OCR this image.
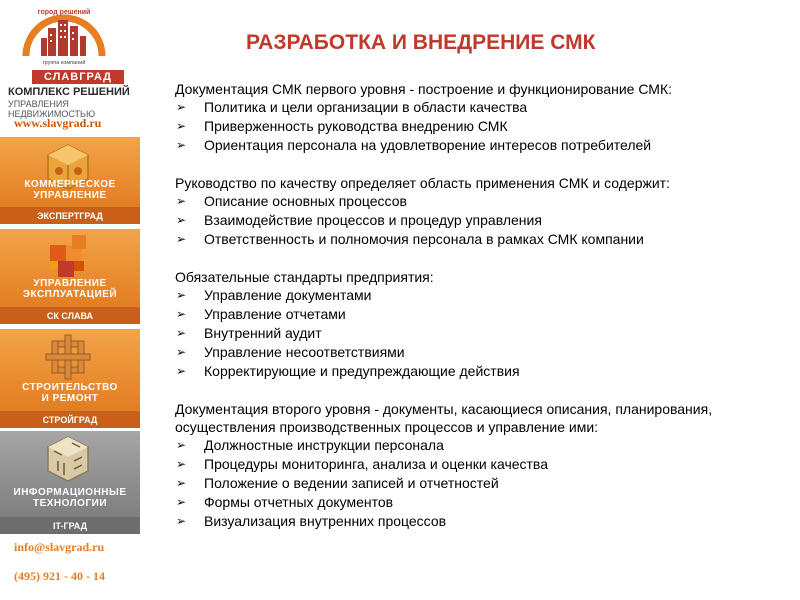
город решений
группа компаний
СЛАВГРАД
КОМПЛЕКС РЕШЕНИЙ
УПРАВЛЕНИЯ НЕДВИЖИМОСТЬЮ
www.slavgrad.ru
КОММЕРЧЕСКОЕ
УПРАВЛЕНИЕ
ЭКСПЕРТГРАД
УПРАВЛЕНИЕ
ЭКСПЛУАТАЦИЕЙ
СК СЛАВА
СТРОИТЕЛЬСТВО
И РЕМОНТ
СТРОЙГРАД
ИНФОРМАЦИОННЫЕ
ТЕХНОЛОГИИ
IT-ГРАД
info@slavgrad.ru
(495) 921 - 40 - 14
РАЗРАБОТКА И ВНЕДРЕНИЕ СМК
Документация СМК первого уровня - построение и функционирование СМК:
➢ Политика и цели организации в области качества
➢ Приверженность руководства внедрению СМК
➢ Ориентация персонала на удовлетворение интересов потребителей
Руководство по качеству определяет область применения СМК и содержит:
➢ Описание основных процессов
➢ Взаимодействие процессов и процедур управления
➢ Ответственность и полномочия персонала в рамках СМК компании
Обязательные стандарты предприятия:
➢ Управление документами
➢ Управление отчетами
➢ Внутренний аудит
➢ Управление несоответствиями
➢ Корректирующие и предупреждающие действия
Документация второго уровня - документы, касающиеся описания, планирования, осуществления производственных процессов и управление ими:
➢ Должностные инструкции персонала
➢ Процедуры мониторинга, анализа и оценки качества
➢ Положение о ведении записей и отчетностей
➢ Формы отчетных документов
➢ Визуализация внутренних процессов
